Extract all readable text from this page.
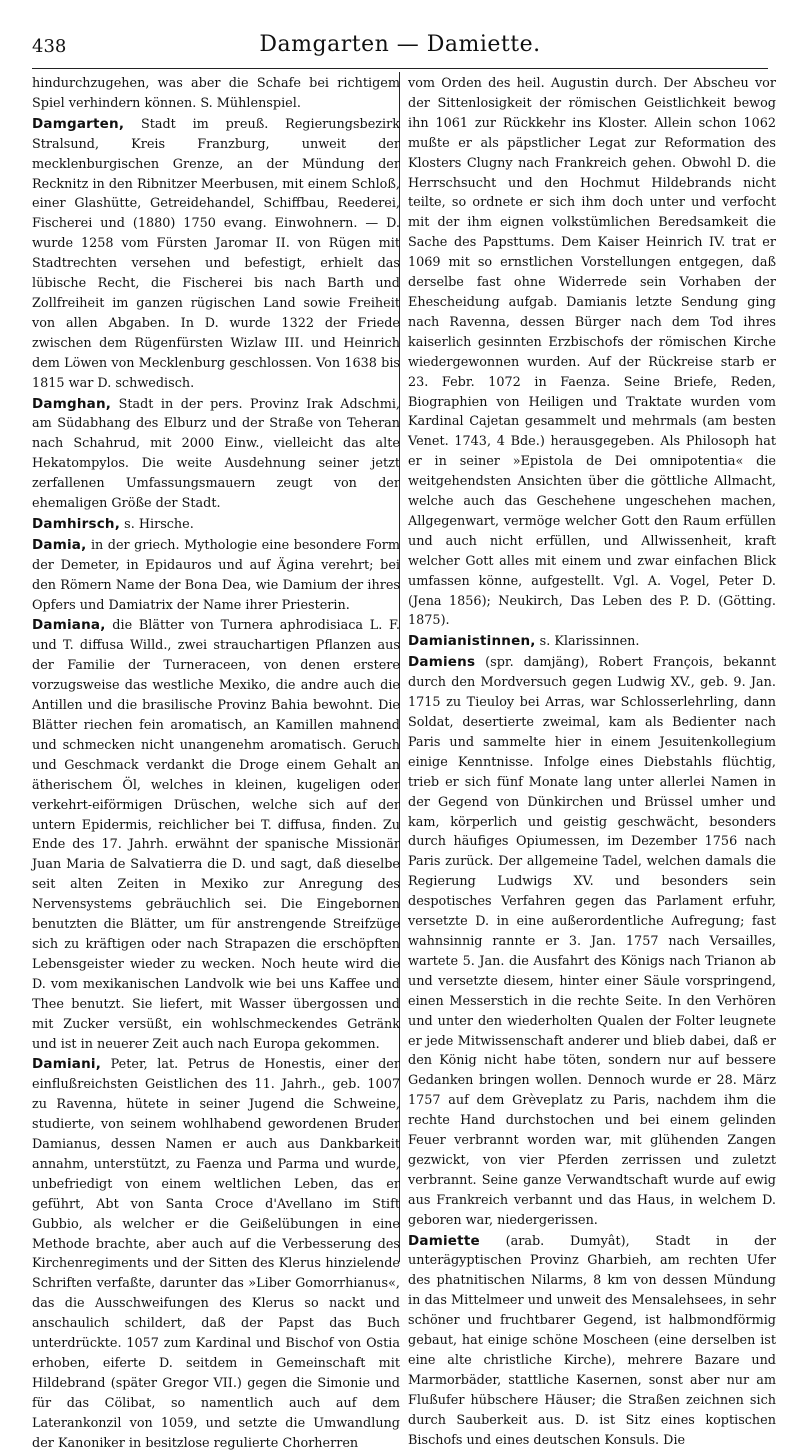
438	Damgarten — Damiette.

hindurchzugehen, was aber die Schafe bei richtigem Spiel verhindern können. S. Mühlenspiel.

Damgarten, Stadt im preuß. Regierungsbezirk Stralsund, Kreis Franzburg, unweit der mecklenburgischen Grenze, an der Mündung der Recknitz in den Ribnitzer Meerbusen, mit einem Schloß, einer Glashütte, Getreidehandel, Schiffbau, Reederei, Fischerei und (1880) 1750 evang. Einwohnern. — D. wurde 1258 vom Fürsten Jaromar II. von Rügen mit Stadtrechten versehen und befestigt, erhielt das lübische Recht, die Fischerei bis nach Barth und Zollfreiheit im ganzen rügischen Land sowie Freiheit von allen Abgaben. In D. wurde 1322 der Friede zwischen dem Rügenfürsten Wizlaw III. und Heinrich dem Löwen von Mecklenburg geschlossen. Von 1638 bis 1815 war D. schwedisch.

Damghan, Stadt in der pers. Provinz Irak Adschmi, am Südabhang des Elburz und der Straße von Teheran nach Schahrud, mit 2000 Einw., vielleicht das alte Hekatompylos. Die weite Ausdehnung seiner jetzt zerfallenen Umfassungsmauern zeugt von der ehemaligen Größe der Stadt.

Damhirsch, s. Hirsche.

Damia, in der griech. Mythologie eine besondere Form der Demeter, in Epidauros und auf Ägina verehrt; bei den Römern Name der Bona Dea, wie Damium der ihres Opfers und Damiatrix der Name ihrer Priesterin.

Damiana, die Blätter von Turnera aphrodisiaca L. F. und T. diffusa Willd., zwei strauchartigen Pflanzen aus der Familie der Turneraceen, von denen erstere vorzugsweise das westliche Mexiko, die andre auch die Antillen und die brasilische Provinz Bahia bewohnt. Die Blätter riechen fein aromatisch, an Kamillen mahnend und schmecken nicht unangenehm aromatisch. Geruch und Geschmack verdankt die Droge einem Gehalt an ätherischem Öl, welches in kleinen, kugeligen oder verkehrt-eiförmigen Drüschen, welche sich auf der untern Epidermis, reichlicher bei T. diffusa, finden. Zu Ende des 17. Jahrh. erwähnt der spanische Missionär Juan Maria de Salvatierra die D. und sagt, daß dieselbe seit alten Zeiten in Mexiko zur Anregung des Nervensystems gebräuchlich sei. Die Eingebornen benutzten die Blätter, um für anstrengende Streifzüge sich zu kräftigen oder nach Strapazen die erschöpften Lebensgeister wieder zu wecken. Noch heute wird die D. vom mexikanischen Landvolk wie bei uns Kaffee und Thee benutzt. Sie liefert, mit Wasser übergossen und mit Zucker versüßt, ein wohlschmeckendes Getränk und ist in neuerer Zeit auch nach Europa gekommen.

Damiani, Peter, lat. Petrus de Honestis, einer der einflußreichsten Geistlichen des 11. Jahrh., geb. 1007 zu Ravenna, hütete in seiner Jugend die Schweine, studierte, von seinem wohlhabend gewordenen Bruder Damianus, dessen Namen er auch aus Dankbarkeit annahm, unterstützt, zu Faenza und Parma und wurde, unbefriedigt von einem weltlichen Leben, das er geführt, Abt von Santa Croce d'Avellano im Stift Gubbio, als welcher er die Geißelübungen in eine Methode brachte, aber auch auf die Verbesserung des Kirchenregiments und der Sitten des Klerus hinzielende Schriften verfaßte, darunter das »Liber Gomorrhianus«, das die Ausschweifungen des Klerus so nackt und anschaulich schildert, daß der Papst das Buch unterdrückte. 1057 zum Kardinal und Bischof von Ostia erhoben, eiferte D. seitdem in Gemeinschaft mit Hildebrand (später Gregor VII.) gegen die Simonie und für das Cölibat, so namentlich auch auf dem Laterankonzil von 1059, und setzte die Umwandlung der Kanoniker in besitzlose regulierte Chorherren

vom Orden des heil. Augustin durch. Der Abscheu vor der Sittenlosigkeit der römischen Geistlichkeit bewog ihn 1061 zur Rückkehr ins Kloster. Allein schon 1062 mußte er als päpstlicher Legat zur Reformation des Klosters Clugny nach Frankreich gehen. Obwohl D. die Herrschsucht und den Hochmut Hildebrands nicht teilte, so ordnete er sich ihm doch unter und verfocht mit der ihm eignen volkstümlichen Beredsamkeit die Sache des Papsttums. Dem Kaiser Heinrich IV. trat er 1069 mit so ernstlichen Vorstellungen entgegen, daß derselbe fast ohne Widerrede sein Vorhaben der Ehescheidung aufgab. Damianis letzte Sendung ging nach Ravenna, dessen Bürger nach dem Tod ihres kaiserlich gesinnten Erzbischofs der römischen Kirche wiedergewonnen wurden. Auf der Rückreise starb er 23. Febr. 1072 in Faenza. Seine Briefe, Reden, Biographien von Heiligen und Traktate wurden vom Kardinal Cajetan gesammelt und mehrmals (am besten Venet. 1743, 4 Bde.) herausgegeben. Als Philosoph hat er in seiner »Epistola de Dei omnipotentia« die weitgehendsten Ansichten über die göttliche Allmacht, welche auch das Geschehene ungeschehen machen, Allgegenwart, vermöge welcher Gott den Raum erfüllen und auch nicht erfüllen, und Allwissenheit, kraft welcher Gott alles mit einem und zwar einfachen Blick umfassen könne, aufgestellt. Vgl. A. Vogel, Peter D. (Jena 1856); Neukirch, Das Leben des P. D. (Götting. 1875).

Damianistinnen, s. Klarissinnen.

Damiens (spr. damjäng), Robert François, bekannt durch den Mordversuch gegen Ludwig XV., geb. 9. Jan. 1715 zu Tieuloy bei Arras, war Schlosserlehrling, dann Soldat, desertierte zweimal, kam als Bedienter nach Paris und sammelte hier in einem Jesuitenkollegium einige Kenntnisse. Infolge eines Diebstahls flüchtig, trieb er sich fünf Monate lang unter allerlei Namen in der Gegend von Dünkirchen und Brüssel umher und kam, körperlich und geistig geschwächt, besonders durch häufiges Opiumessen, im Dezember 1756 nach Paris zurück. Der allgemeine Tadel, welchen damals die Regierung Ludwigs XV. und besonders sein despotisches Verfahren gegen das Parlament erfuhr, versetzte D. in eine außerordentliche Aufregung; fast wahnsinnig rannte er 3. Jan. 1757 nach Versailles, wartete 5. Jan. die Ausfahrt des Königs nach Trianon ab und versetzte diesem, hinter einer Säule vorspringend, einen Messerstich in die rechte Seite. In den Verhören und unter den wiederholten Qualen der Folter leugnete er jede Mitwissenschaft anderer und blieb dabei, daß er den König nicht habe töten, sondern nur auf bessere Gedanken bringen wollen. Dennoch wurde er 28. März 1757 auf dem Grèveplatz zu Paris, nachdem ihm die rechte Hand durchstochen und bei einem gelinden Feuer verbrannt worden war, mit glühenden Zangen gezwickt, von vier Pferden zerrissen und zuletzt verbrannt. Seine ganze Verwandtschaft wurde auf ewig aus Frankreich verbannt und das Haus, in welchem D. geboren war, niedergerissen.

Damiette (arab. Dumyât), Stadt in der unterägyptischen Provinz Gharbieh, am rechten Ufer des phatnitischen Nilarms, 8 km von dessen Mündung in das Mittelmeer und unweit des Mensalehsees, in sehr schöner und fruchtbarer Gegend, ist halbmondförmig gebaut, hat einige schöne Moscheen (eine derselben ist eine alte christliche Kirche), mehrere Bazare und Marmorbäder, stattliche Kasernen, sonst aber nur am Flußufer hübschere Häuser; die Straßen zeichnen sich durch Sauberkeit aus. D. ist Sitz eines koptischen Bischofs und eines deutschen Konsuls. Die
